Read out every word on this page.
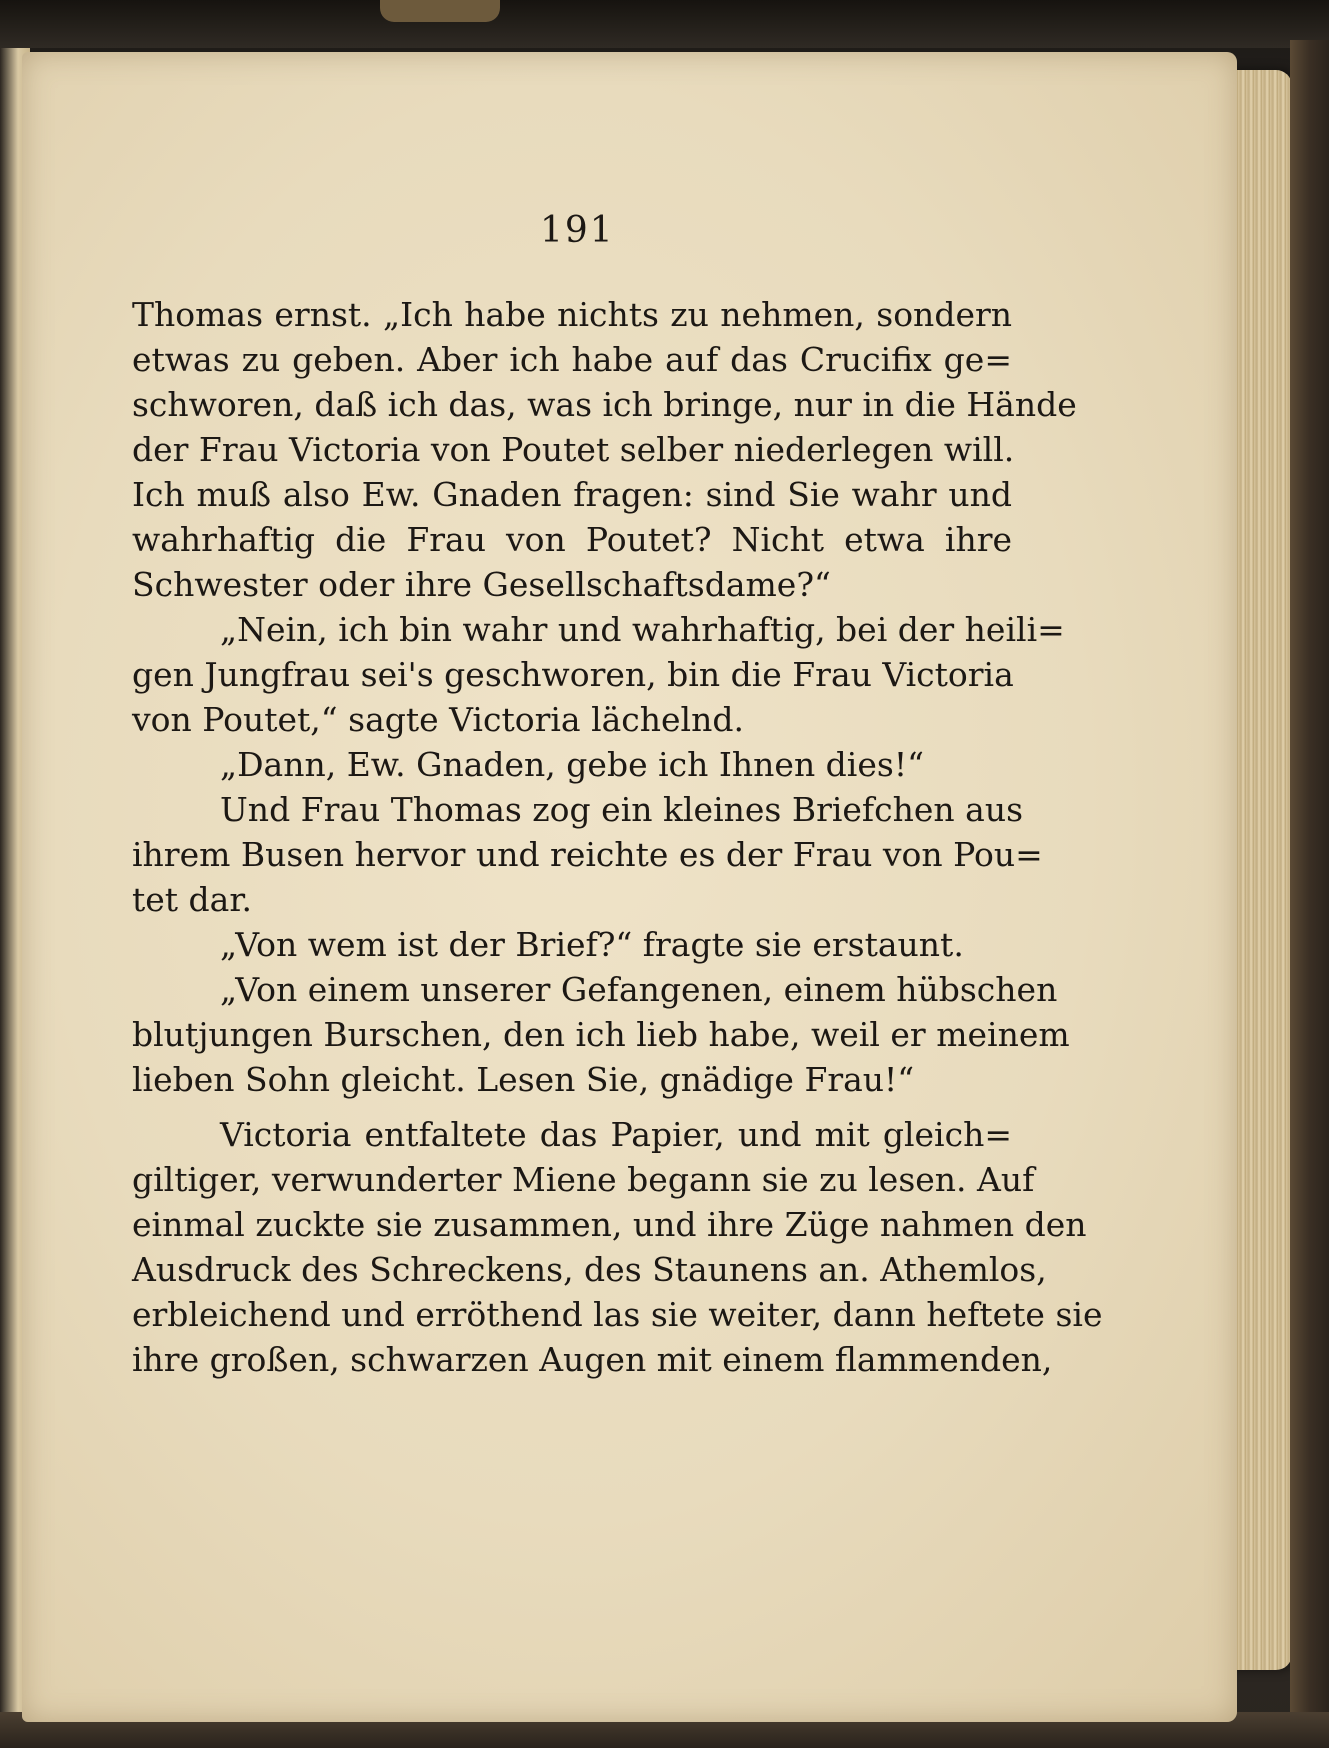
191
Thomas ernst. „Ich habe nichts zu nehmen, sondern
etwas zu geben. Aber ich habe auf das Crucifix ge=
schworen, daß ich das, was ich bringe, nur in die Hände
der Frau Victoria von Poutet selber niederlegen will.
Ich muß also Ew. Gnaden fragen: sind Sie wahr und
wahrhaftig die Frau von Poutet? Nicht etwa ihre
Schwester oder ihre Gesellschaftsdame?“
„Nein, ich bin wahr und wahrhaftig, bei der heili=
gen Jungfrau sei's geschworen, bin die Frau Victoria
von Poutet,“ sagte Victoria lächelnd.
„Dann, Ew. Gnaden, gebe ich Ihnen dies!“
Und Frau Thomas zog ein kleines Briefchen aus
ihrem Busen hervor und reichte es der Frau von Pou=
tet dar.
„Von wem ist der Brief?“ fragte sie erstaunt.
„Von einem unserer Gefangenen, einem hübschen
blutjungen Burschen, den ich lieb habe, weil er meinem
lieben Sohn gleicht. Lesen Sie, gnädige Frau!“
Victoria entfaltete das Papier, und mit gleich=
giltiger, verwunderter Miene begann sie zu lesen. Auf
einmal zuckte sie zusammen, und ihre Züge nahmen den
Ausdruck des Schreckens, des Staunens an. Athemlos,
erbleichend und erröthend las sie weiter, dann heftete sie
ihre großen, schwarzen Augen mit einem flammenden,
